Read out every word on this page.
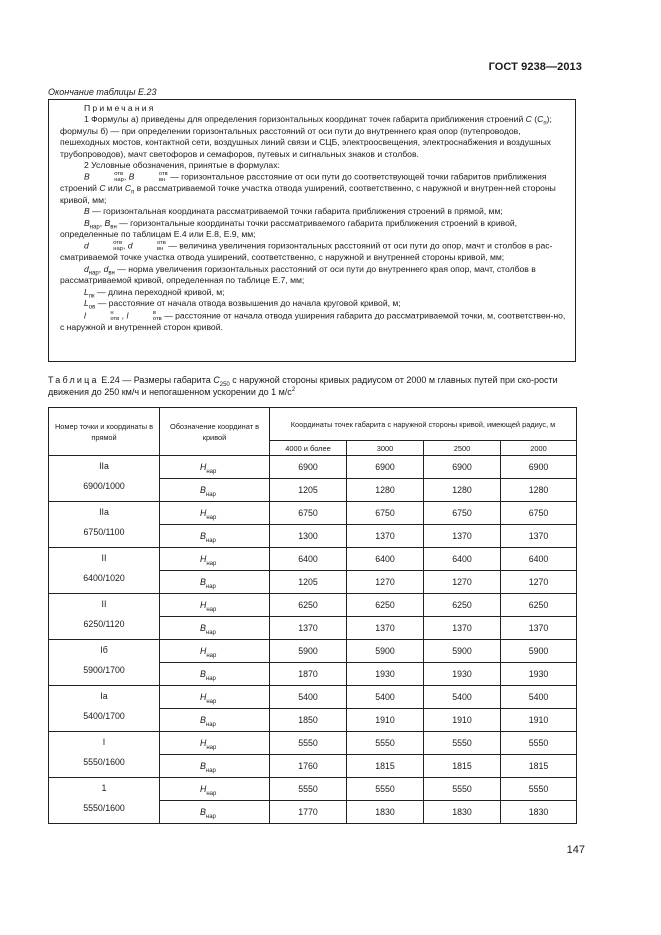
ГОСТ 9238—2013
Окончание таблицы Е.23

Примечания

1 Формулы а) приведены для определения горизонтальных координат точек габарита приближения строений С $(С_п)$; формулы б) — при определении горизонтальных расстояний от оси пути до внутреннего края опор (путепроводов, пешеходных мостов, контактной сети, воздушных линий связи и СЦБ, электроосвещения, электроснабжения и воздушных трубопроводов), мачт светофоров и семафоров, путевых и сигнальных знаков и столбов.

2 Условные обозначения, принятые в формулах:

B	отв
нар , B	отв
вн — горизонтальное расстояние от оси пути до соответствующей точки габаритов приближения строений С или $С_п$ в рассматриваемой точке участка отвода уширений, соответственно, с наружной и внутрен-ней стороны кривой, мм;

B — горизонтальная координата рассматриваемой точки габарита приближения строений в прямой, мм;

$B_{нар}$, $B_{вн}$ — горизонтальные координаты точки рассматриваемого габарита приближения строений в кривой, определенные по таблицам Е.4 или Е.8, Е.9, мм;

d	отв
нар , d	отв
вн — величина увеличения горизонтальных расстояний от оси пути до опор, мачт и столбов в рас-сматриваемой точке участка отвода уширений, соответственно, с наружной и внутренней стороны кривой, мм;

$d_{нар}$, $d_{вн}$ — норма увеличения горизонтальных расстояний от оси пути до внутреннего края опор, мачт, столбов в рассматриваемой кривой, определенная по таблице Е.7, мм;

$L_{пк}$ — длина переходной кривой, м;

$L_{ов}$ — расстояние от начала отвода возвышения до начала круговой кривой, м;

l	н
отв , l	в
отв — расстояние от начала отвода уширения габарита до рассматриваемой точки, м, соответствен-но, с наружной и внутренней сторон кривой.

Таблица Е.24 — Размеры габарита $С_{250}$ с наружной стороны кривых радиусом от 2000 м главных путей при ско-рости движения до 250 км/ч и непогашенном ускорении до 1 $м/с^2$
Номер точки и координаты в прямой	Обозначение координат в кривой	Координаты точек габарита с наружной стороны кривой, имеющей радиус, м			
		4000 и более	3000	2500	2000

IIа
6900/1000	$H_{нар}$	6900	6900	6900	6900
	$B_{нар}$	1205	1280	1280	1280

IIа
6750/1100	$H_{нар}$	6750	6750	6750	6750
	$B_{нар}$	1300	1370	1370	1370

II
6400/1020	$H_{нар}$	6400	6400	6400	6400
	$B_{нар}$	1205	1270	1270	1270

II
6250/1120	$H_{нар}$	6250	6250	6250	6250
	$B_{нар}$	1370	1370	1370	1370

Iб
5900/1700	$H_{нар}$	5900	5900	5900	5900
	$B_{нар}$	1870	1930	1930	1930

Iа
5400/1700	$H_{нар}$	5400	5400	5400	5400
	$B_{нар}$	1850	1910	1910	1910

I
5550/1600	$H_{нар}$	5550	5550	5550	5550
	$B_{нар}$	1760	1815	1815	1815

1
5550/1600	$H_{нар}$	5550	5550	5550	5550
	$B_{нар}$	1770	1830	1830	1830
147
